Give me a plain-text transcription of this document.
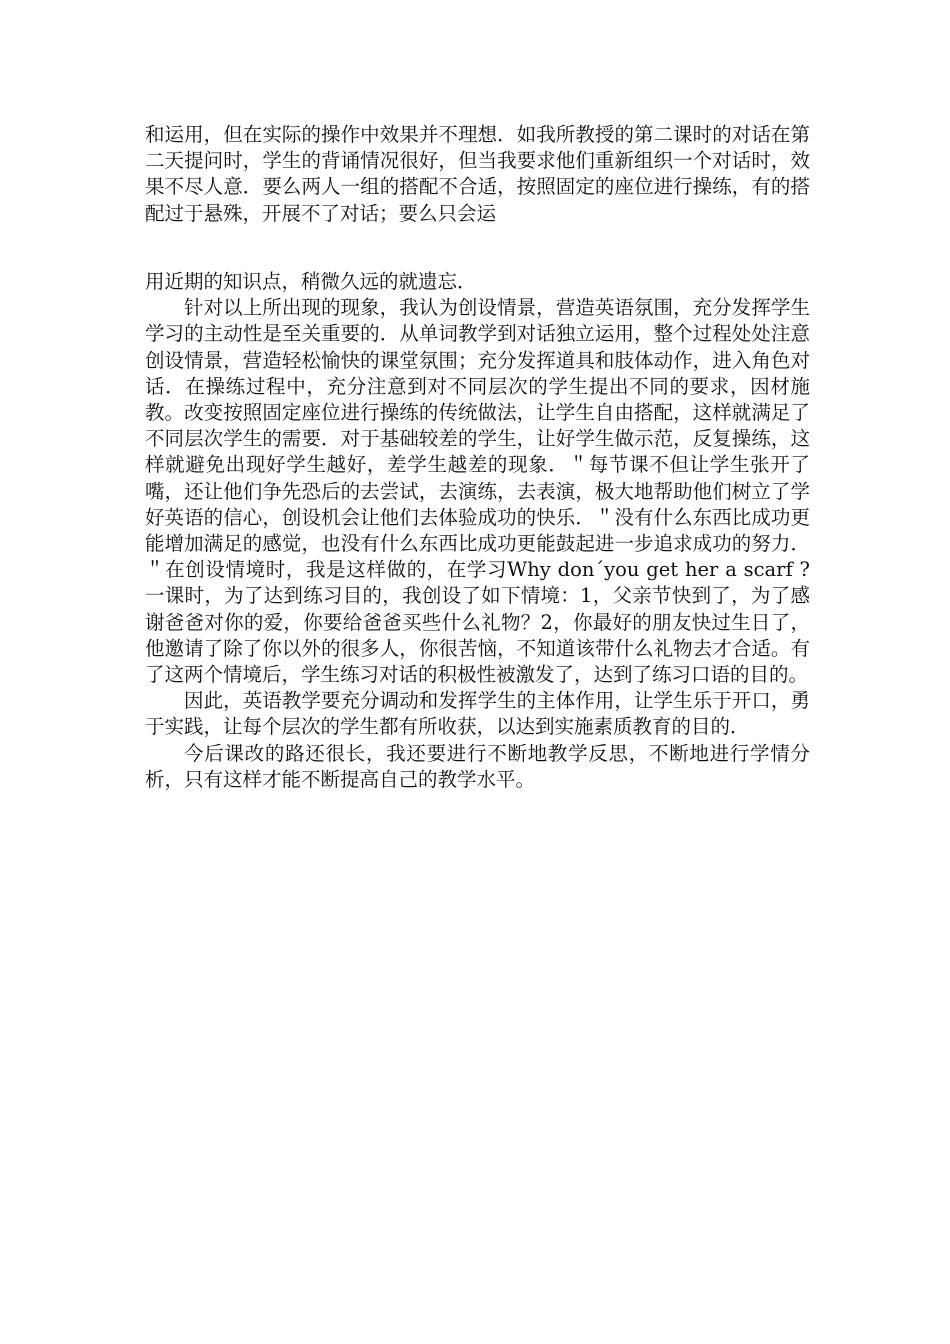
和运用，但在实际的操作中效果并不理想．如我所教授的第二课时的对话在第二天提问时，学生的背诵情况很好，但当我要求他们重新组织一个对话时，效果不尽人意．要么两人一组的搭配不合适，按照固定的座位进行操练，有的搭配过于悬殊，开展不了对话；要么只会运

用近期的知识点，稍微久远的就遗忘．

针对以上所出现的现象，我认为创设情景，营造英语氛围，充分发挥学生学习的主动性是至关重要的．从单词教学到对话独立运用，整个过程处处注意创设情景，营造轻松愉快的课堂氛围；充分发挥道具和肢体动作，进入角色对话．在操练过程中，充分注意到对不同层次的学生提出不同的要求，因材施教。改变按照固定座位进行操练的传统做法，让学生自由搭配，这样就满足了不同层次学生的需要．对于基础较差的学生，让好学生做示范，反复操练，这样就避免出现好学生越好，差学生越差的现象．＂每节课不但让学生张开了嘴，还让他们争先恐后的去尝试，去演练，去表演，极大地帮助他们树立了学好英语的信心，创设机会让他们去体验成功的快乐．＂没有什么东西比成功更能增加满足的感觉，也没有什么东西比成功更能鼓起进一步追求成功的努力．＂在创设情境时，我是这样做的，在学习Why don´you get her a scarf ?一课时，为了达到练习目的，我创设了如下情境：1，父亲节快到了，为了感谢爸爸对你的爱，你要给爸爸买些什么礼物？2，你最好的朋友快过生日了，他邀请了除了你以外的很多人，你很苦恼，不知道该带什么礼物去才合适。有了这两个情境后，学生练习对话的积极性被激发了，达到了练习口语的目的。

因此，英语教学要充分调动和发挥学生的主体作用，让学生乐于开口，勇于实践，让每个层次的学生都有所收获，以达到实施素质教育的目的．

今后课改的路还很长，我还要进行不断地教学反思，不断地进行学情分析，只有这样才能不断提高自己的教学水平。
